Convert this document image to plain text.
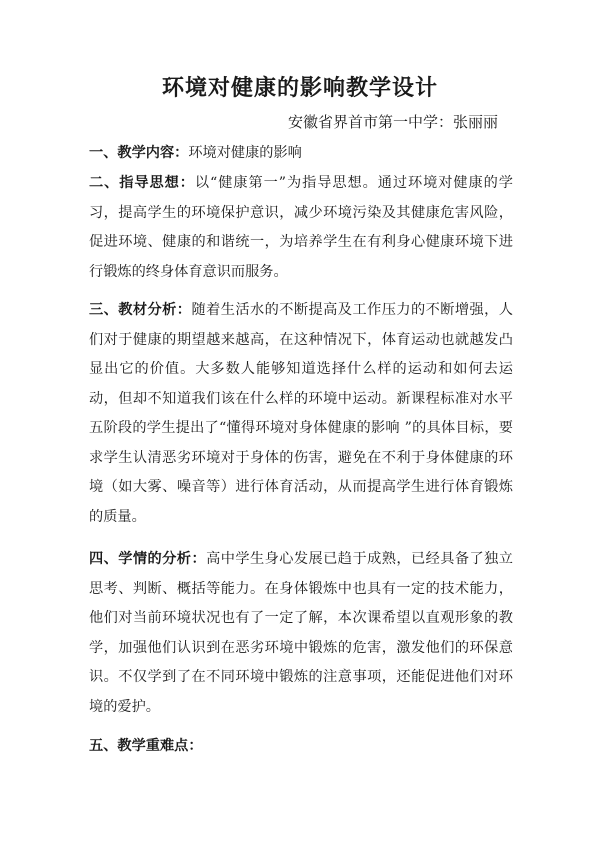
环境对健康的影响教学设计
安徽省界首市第一中学：张丽丽
一、教学内容：环境对健康的影响
二、指导思想：以“健康第一”为指导思想。通过环境对健康的学习，提高学生的环境保护意识，减少环境污染及其健康危害风险，促进环境、健康的和谐统一，为培养学生在有利身心健康环境下进行锻炼的终身体育意识而服务。
三、教材分析：随着生活水的不断提高及工作压力的不断增强，人们对于健康的期望越来越高，在这种情况下，体育运动也就越发凸显出它的价值。大多数人能够知道选择什么样的运动和如何去运动，但却不知道我们该在什么样的环境中运动。新课程标准对水平五阶段的学生提出了“懂得环境对身体健康的影响 ”的具体目标，要求学生认清恶劣环境对于身体的伤害，避免在不利于身体健康的环境（如大雾、噪音等）进行体育活动，从而提高学生进行体育锻炼的质量。
四、学情的分析：高中学生身心发展已趋于成熟，已经具备了独立思考、判断、概括等能力。在身体锻炼中也具有一定的技术能力，他们对当前环境状况也有了一定了解，本次课希望以直观形象的教学，加强他们认识到在恶劣环境中锻炼的危害，激发他们的环保意识。不仅学到了在不同环境中锻炼的注意事项，还能促进他们对环境的爱护。
五、教学重难点：
